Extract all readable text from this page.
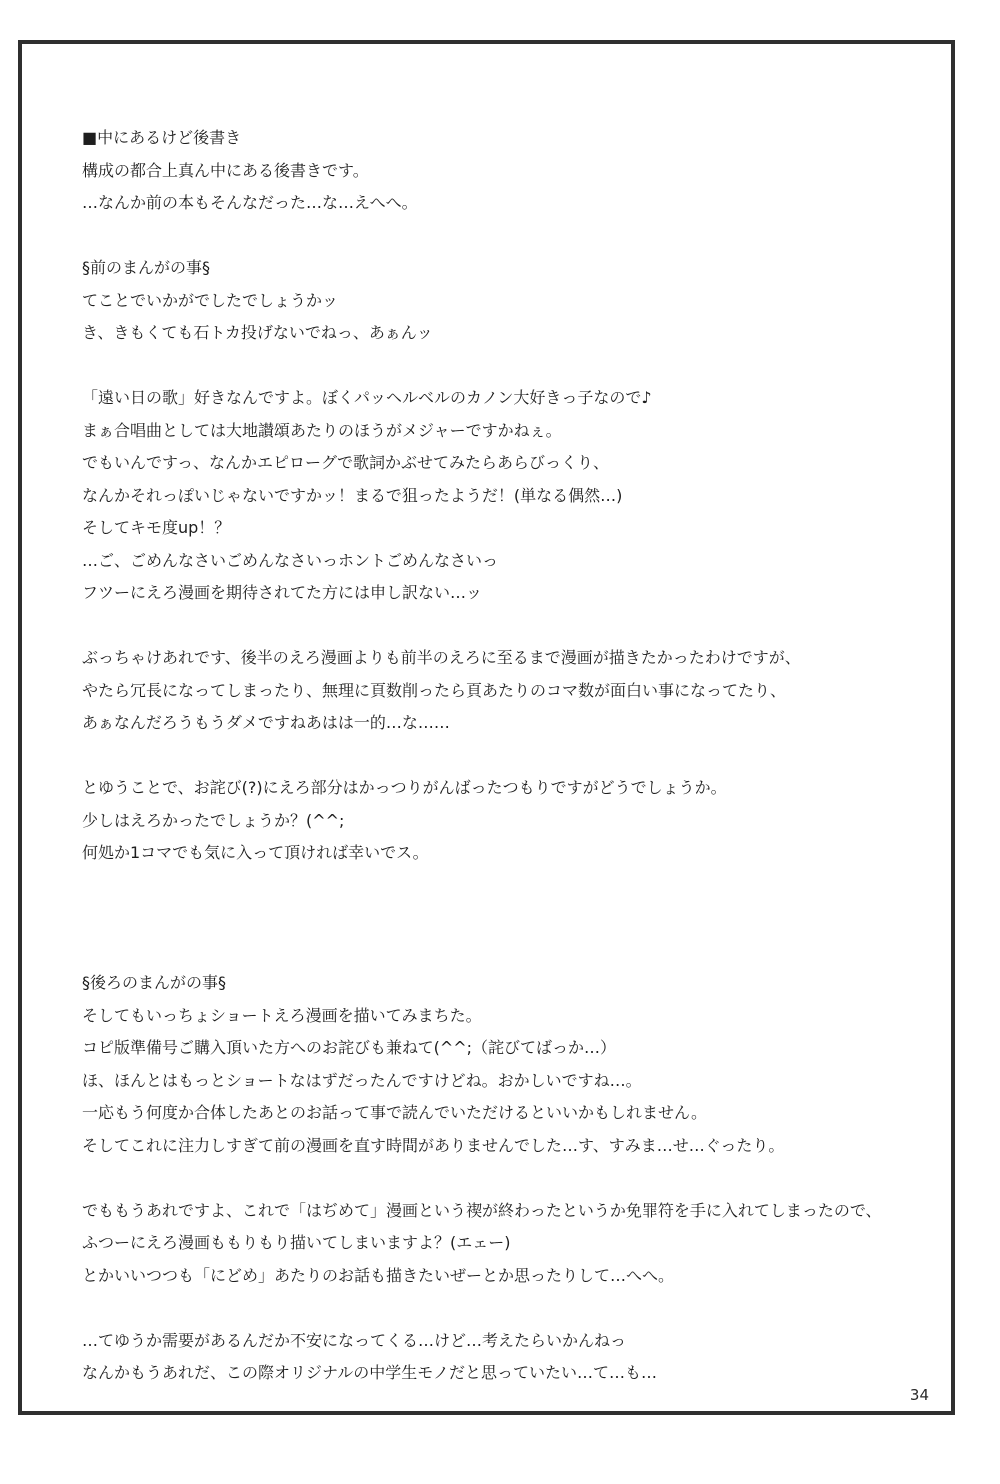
■中にあるけど後書き
構成の都合上真ん中にある後書きです。
…なんか前の本もそんなだった…な…えへへ。
§前のまんがの事§
てことでいかがでしたでしょうかッ
き、きもくても石トカ投げないでねっ、あぁんッ
「遠い日の歌」好きなんですよ。ぼくパッヘルベルのカノン大好きっ子なので♪
まぁ合唱曲としては大地讃頌あたりのほうがメジャーですかねぇ。
でもいんですっ、なんかエピローグで歌詞かぶせてみたらあらびっくり、
なんかそれっぽいじゃないですかッ！まるで狙ったようだ！(単なる偶然…)
そしてキモ度up！？
…ご、ごめんなさいごめんなさいっホントごめんなさいっ
フツーにえろ漫画を期待されてた方には申し訳ない…ッ
ぶっちゃけあれです、後半のえろ漫画よりも前半のえろに至るまで漫画が描きたかったわけですが、
やたら冗長になってしまったり、無理に頁数削ったら頁あたりのコマ数が面白い事になってたり、
あぁなんだろうもうダメですねあはは一的…な……
とゆうことで、お詫び(?)にえろ部分はかっつりがんばったつもりですがどうでしょうか。
少しはえろかったでしょうか？(^^;
何処か1コマでも気に入って頂ければ幸いでス。
§後ろのまんがの事§
そしてもいっちょショートえろ漫画を描いてみまちた。
コピ版準備号ご購入頂いた方へのお詫びも兼ねて(^^;（詫びてばっか…）
ほ、ほんとはもっとショートなはずだったんですけどね。おかしいですね…。
一応もう何度か合体したあとのお話って事で読んでいただけるといいかもしれません。
そしてこれに注力しすぎて前の漫画を直す時間がありませんでした…す、すみま…せ…ぐったり。
でももうあれですよ、これで「はぢめて」漫画という禊が終わったというか免罪符を手に入れてしまったので、
ふつーにえろ漫画ももりもり描いてしまいますよ？(エェー)
とかいいつつも「にどめ」あたりのお話も描きたいぜーとか思ったりして…へへ。
…てゆうか需要があるんだか不安になってくる…けど…考えたらいかんねっ
なんかもうあれだ、この際オリジナルの中学生モノだと思っていたい…て…も…
34
